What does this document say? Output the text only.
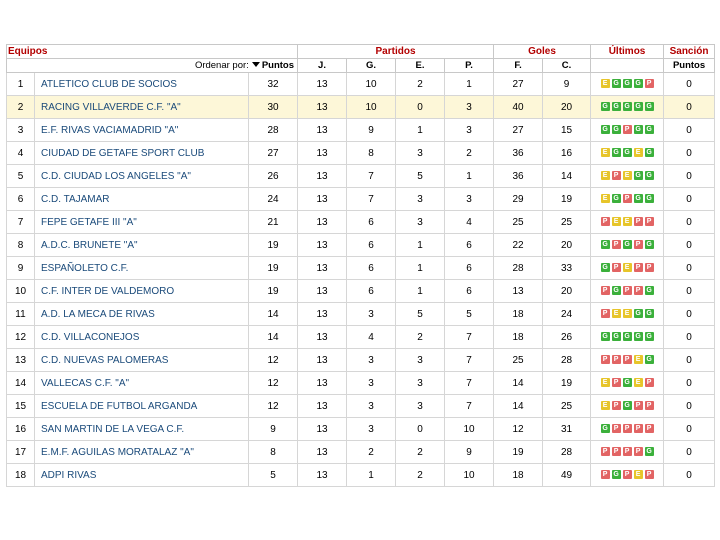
Equipos			Partidos				Goles		Últimos	Sanción
Ordenar por: Puntos			J.	G.	E.	P.	F.	C.		Puntos
1	ATLETICO CLUB DE SOCIOS	32	13	10	2	1	27	9	E G G G P	0
2	RACING VILLAVERDE C.F. "A"	30	13	10	0	3	40	20	G G G G G	0
3	E.F. RIVAS VACIAMADRID "A"	28	13	9	1	3	27	15	G G P G G	0
4	CIUDAD DE GETAFE SPORT CLUB	27	13	8	3	2	36	16	E G G E G	0
5	C.D. CIUDAD LOS ANGELES "A"	26	13	7	5	1	36	14	E P E G G	0
6	C.D. TAJAMAR	24	13	7	3	3	29	19	E G P G G	0
7	FEPE GETAFE III "A"	21	13	6	3	4	25	25	P E E P P	0
8	A.D.C. BRUNETE "A"	19	13	6	1	6	22	20	G P G P G	0
9	ESPAÑOLETO C.F.	19	13	6	1	6	28	33	G P E P P	0
10	C.F. INTER DE VALDEMORO	19	13	6	1	6	13	20	P G P P G	0
11	A.D. LA MECA DE RIVAS	14	13	3	5	5	18	24	P E E G G	0
12	C.D. VILLACONEJOS	14	13	4	2	7	18	26	G G G G G	0
13	C.D. NUEVAS PALOMERAS	12	13	3	3	7	25	28	P P P E G	0
14	VALLECAS C.F. "A"	12	13	3	3	7	14	19	E P G E P	0
15	ESCUELA DE FUTBOL ARGANDA	12	13	3	3	7	14	25	E P G P P	0
16	SAN MARTIN DE LA VEGA C.F.	9	13	3	0	10	12	31	G P P P P	0
17	E.M.F. AGUILAS MORATALAZ "A"	8	13	2	2	9	19	28	P P P P G	0
18	ADPI RIVAS	5	13	1	2	10	18	49	P G P E P	0
